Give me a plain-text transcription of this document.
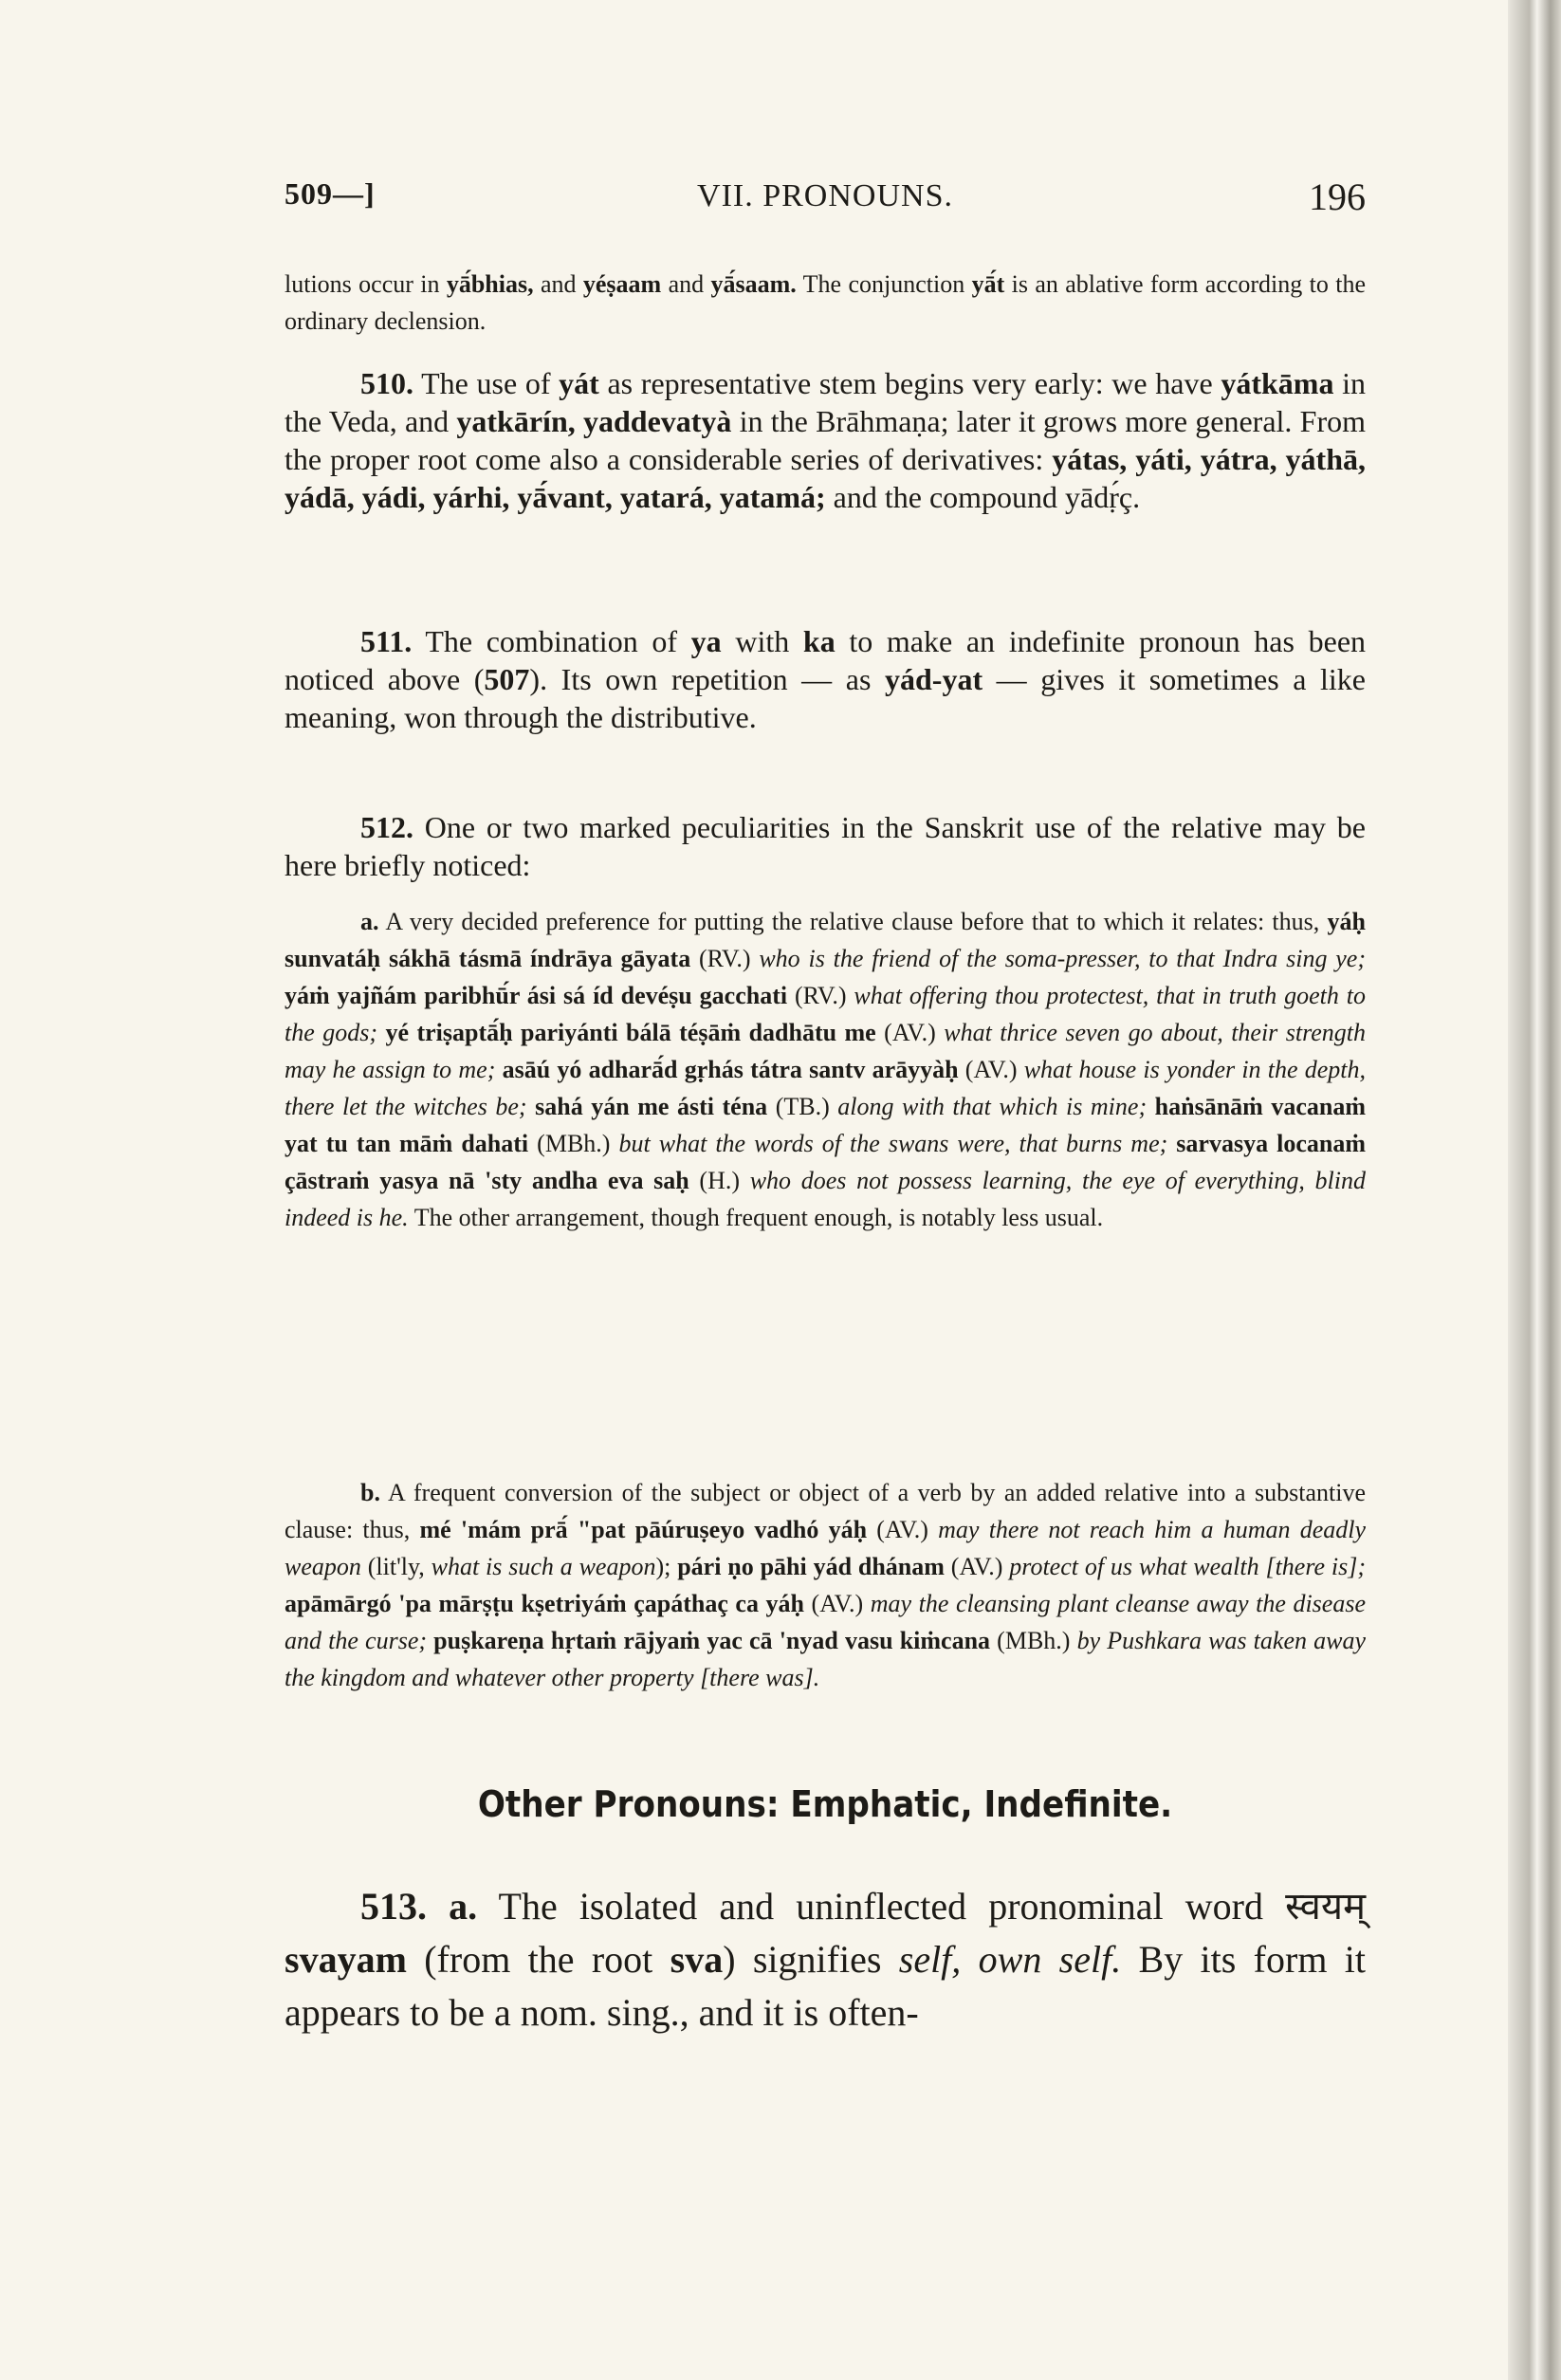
509—]	VII. PRONOUNS.	196
lutions occur in yā́bhias, and yéṣaam and yā́saam. The conjunction yā́t is an ablative form according to the ordinary declension.
510. The use of yát as representative stem begins very early: we have yátkāma in the Veda, and yatkārín, yaddevatyà in the Brāhmaṇa; later it grows more general. From the proper root come also a considerable series of derivatives: yátas, yáti, yátra, yáthā, yádā, yádi, yárhi, yā́vant, yatará, yatamá; and the compound yādṛ́ç.
511. The combination of ya with ka to make an indefinite pronoun has been noticed above (507). Its own repetition — as yád-yat — gives it sometimes a like meaning, won through the distributive.
512. One or two marked peculiarities in the Sanskrit use of the relative may be here briefly noticed:
a. A very decided preference for putting the relative clause before that to which it relates: thus, yáḥ sunvatáḥ sákhā tásmā índrāya gāyata (RV.) who is the friend of the soma-presser, to that Indra sing ye; yáṁ yajñám paribhū́r ási sá íd devéṣu gacchati (RV.) what offering thou protectest, that in truth goeth to the gods; yé triṣaptā́ḥ pariyánti bálā téṣāṁ dadhātu me (AV.) what thrice seven go about, their strength may he assign to me; asāú yó adharā́d gṛhás tátra santv arāyyàḥ (AV.) what house is yonder in the depth, there let the witches be; sahá yán me ásti téna (TB.) along with that which is mine; haṅsānāṁ vacanaṁ yat tu tan māṁ dahati (MBh.) but what the words of the swans were, that burns me; sarvasya locanaṁ çāstraṁ yasya nā 'sty andha eva saḥ (H.) who does not possess learning, the eye of everything, blind indeed is he. The other arrangement, though frequent enough, is notably less usual.
b. A frequent conversion of the subject or object of a verb by an added relative into a substantive clause: thus, mé 'mám prā́ "pat pāúruṣeyo vadhó yáḥ (AV.) may there not reach him a human deadly weapon (lit'ly, what is such a weapon); pári ṇo pāhi yád dhánam (AV.) protect of us what wealth [there is]; apāmārgó 'pa mārṣṭu kṣetriyáṁ çapáthaç ca yáḥ (AV.) may the cleansing plant cleanse away the disease and the curse; puṣkareṇa hṛtaṁ rājyaṁ yac cā 'nyad vasu kiṁcana (MBh.) by Pushkara was taken away the kingdom and whatever other property [there was].
Other Pronouns: Emphatic, Indefinite.
513. a. The isolated and uninflected pronominal word स्वयम् svayam (from the root sva) signifies self, own self. By its form it appears to be a nom. sing., and it is often-
